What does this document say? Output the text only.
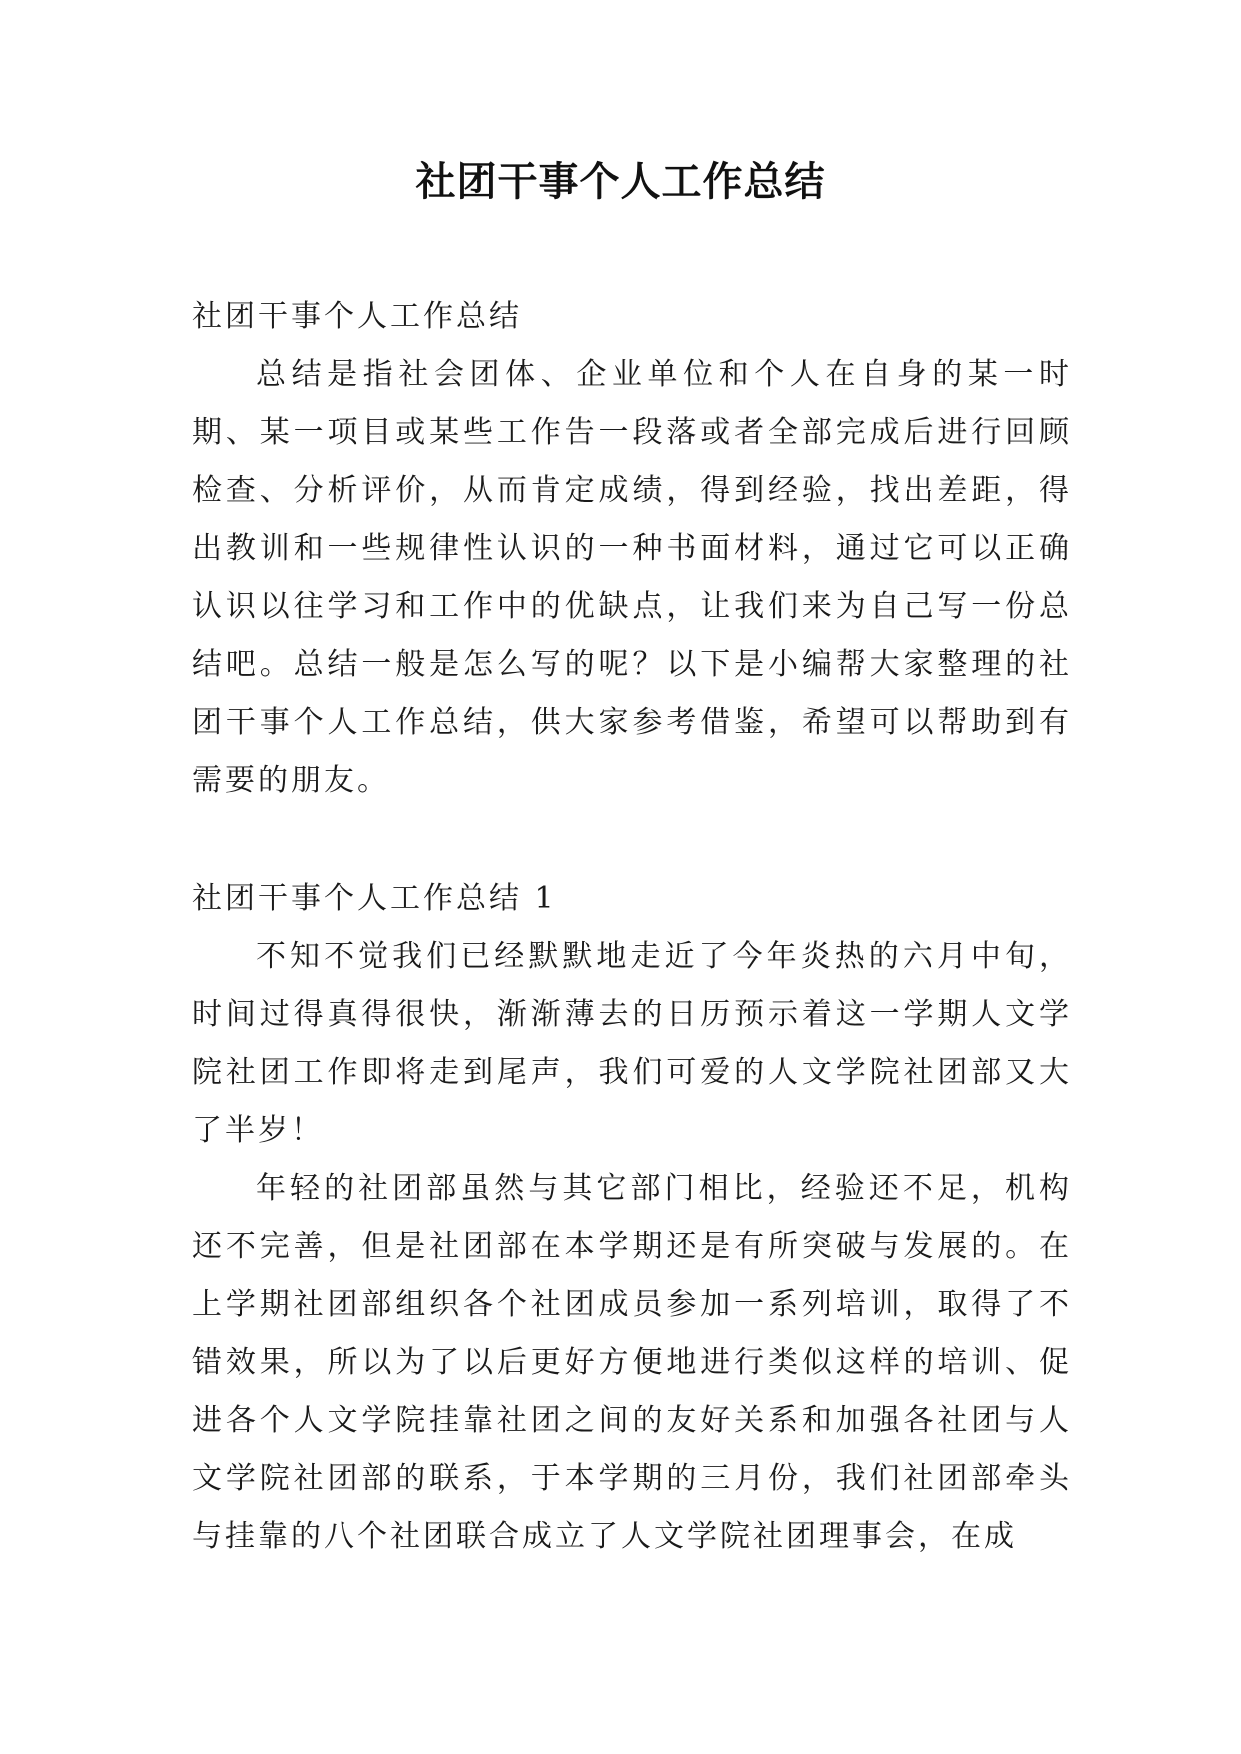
社团干事个人工作总结
社团干事个人工作总结

总结是指社会团体、企业单位和个人在自身的某一时期、某一项目或某些工作告一段落或者全部完成后进行回顾检查、分析评价，从而肯定成绩，得到经验，找出差距，得出教训和一些规律性认识的一种书面材料，通过它可以正确认识以往学习和工作中的优缺点，让我们来为自己写一份总结吧。总结一般是怎么写的呢？以下是小编帮大家整理的社团干事个人工作总结，供大家参考借鉴，希望可以帮助到有需要的朋友。

社团干事个人工作总结 1

不知不觉我们已经默默地走近了今年炎热的六月中旬，时间过得真得很快，渐渐薄去的日历预示着这一学期人文学院社团工作即将走到尾声，我们可爱的人文学院社团部又大了半岁！

年轻的社团部虽然与其它部门相比，经验还不足，机构还不完善，但是社团部在本学期还是有所突破与发展的。在上学期社团部组织各个社团成员参加一系列培训，取得了不错效果，所以为了以后更好方便地进行类似这样的培训、促进各个人文学院挂靠社团之间的友好关系和加强各社团与人文学院社团部的联系，于本学期的三月份，我们社团部牵头与挂靠的八个社团联合成立了人文学院社团理事会，在成
